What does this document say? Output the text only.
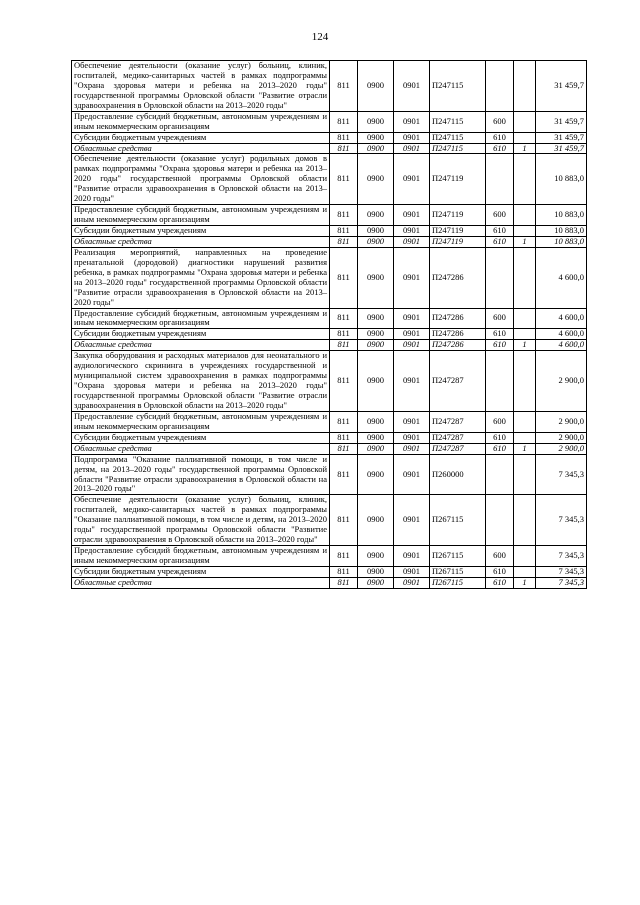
124
Обеспечение деятельности (оказание услуг) больниц, клиник, госпиталей, медико-санитарных частей в рамках подпрограммы "Охрана здоровья матери и ребенка на 2013–2020 годы" государственной программы Орловской области "Развитие отрасли здравоохранения в Орловской области на 2013–2020 годы"	811	0900	0901	П247115			31 459,7
Предоставление субсидий бюджетным, автономным учреждениям и иным некоммерческим организациям	811	0900	0901	П247115	600		31 459,7
Субсидии бюджетным учреждениям	811	0900	0901	П247115	610		31 459,7
Областные средства	811	0900	0901	П247115	610	1	31 459,7
Обеспечение деятельности (оказание услуг) родильных домов в рамках подпрограммы "Охрана здоровья матери и ребенка на 2013–2020 годы" государственной программы Орловской области "Развитие отрасли здравоохранения в Орловской области на 2013–2020 годы"	811	0900	0901	П247119			10 883,0
Предоставление субсидий бюджетным, автономным учреждениям и иным некоммерческим организациям	811	0900	0901	П247119	600		10 883,0
Субсидии бюджетным учреждениям	811	0900	0901	П247119	610		10 883,0
Областные средства	811	0900	0901	П247119	610	1	10 883,0
Реализация мероприятий, направленных на проведение пренатальной (дородовой) диагностики нарушений развития ребенка, в рамках подпрограммы "Охрана здоровья матери и ребенка на 2013–2020 годы" государственной программы Орловской области "Развитие отрасли здравоохранения в Орловской области на 2013–2020 годы"	811	0900	0901	П247286			4 600,0
Предоставление субсидий бюджетным, автономным учреждениям и иным некоммерческим организациям	811	0900	0901	П247286	600		4 600,0
Субсидии бюджетным учреждениям	811	0900	0901	П247286	610		4 600,0
Областные средства	811	0900	0901	П247286	610	1	4 600,0
Закупка оборудования и расходных материалов для неонатального и аудиологического скрининга в учреждениях государственной и муниципальной систем здравоохранения в рамках подпрограммы "Охрана здоровья матери и ребенка на 2013–2020 годы" государственной программы Орловской области "Развитие отрасли здравоохранения в Орловской области на 2013–2020 годы"	811	0900	0901	П247287			2 900,0
Предоставление субсидий бюджетным, автономным учреждениям и иным некоммерческим организациям	811	0900	0901	П247287	600		2 900,0
Субсидии бюджетным учреждениям	811	0900	0901	П247287	610		2 900,0
Областные средства	811	0900	0901	П247287	610	1	2 900,0
Подпрограмма "Оказание паллиативной помощи, в том числе и детям, на 2013–2020 годы" государственной программы Орловской области "Развитие отрасли здравоохранения в Орловской области на 2013–2020 годы"	811	0900	0901	П260000			7 345,3
Обеспечение деятельности (оказание услуг) больниц, клиник, госпиталей, медико-санитарных частей в рамках подпрограммы "Оказание паллиативной помощи, в том числе и детям, на 2013–2020 годы" государственной программы Орловской области "Развитие отрасли здравоохранения в Орловской области на 2013–2020 годы"	811	0900	0901	П267115			7 345,3
Предоставление субсидий бюджетным, автономным учреждениям и иным некоммерческим организациям	811	0900	0901	П267115	600		7 345,3
Субсидии бюджетным учреждениям	811	0900	0901	П267115	610		7 345,3
Областные средства	811	0900	0901	П267115	610	1	7 345,3
